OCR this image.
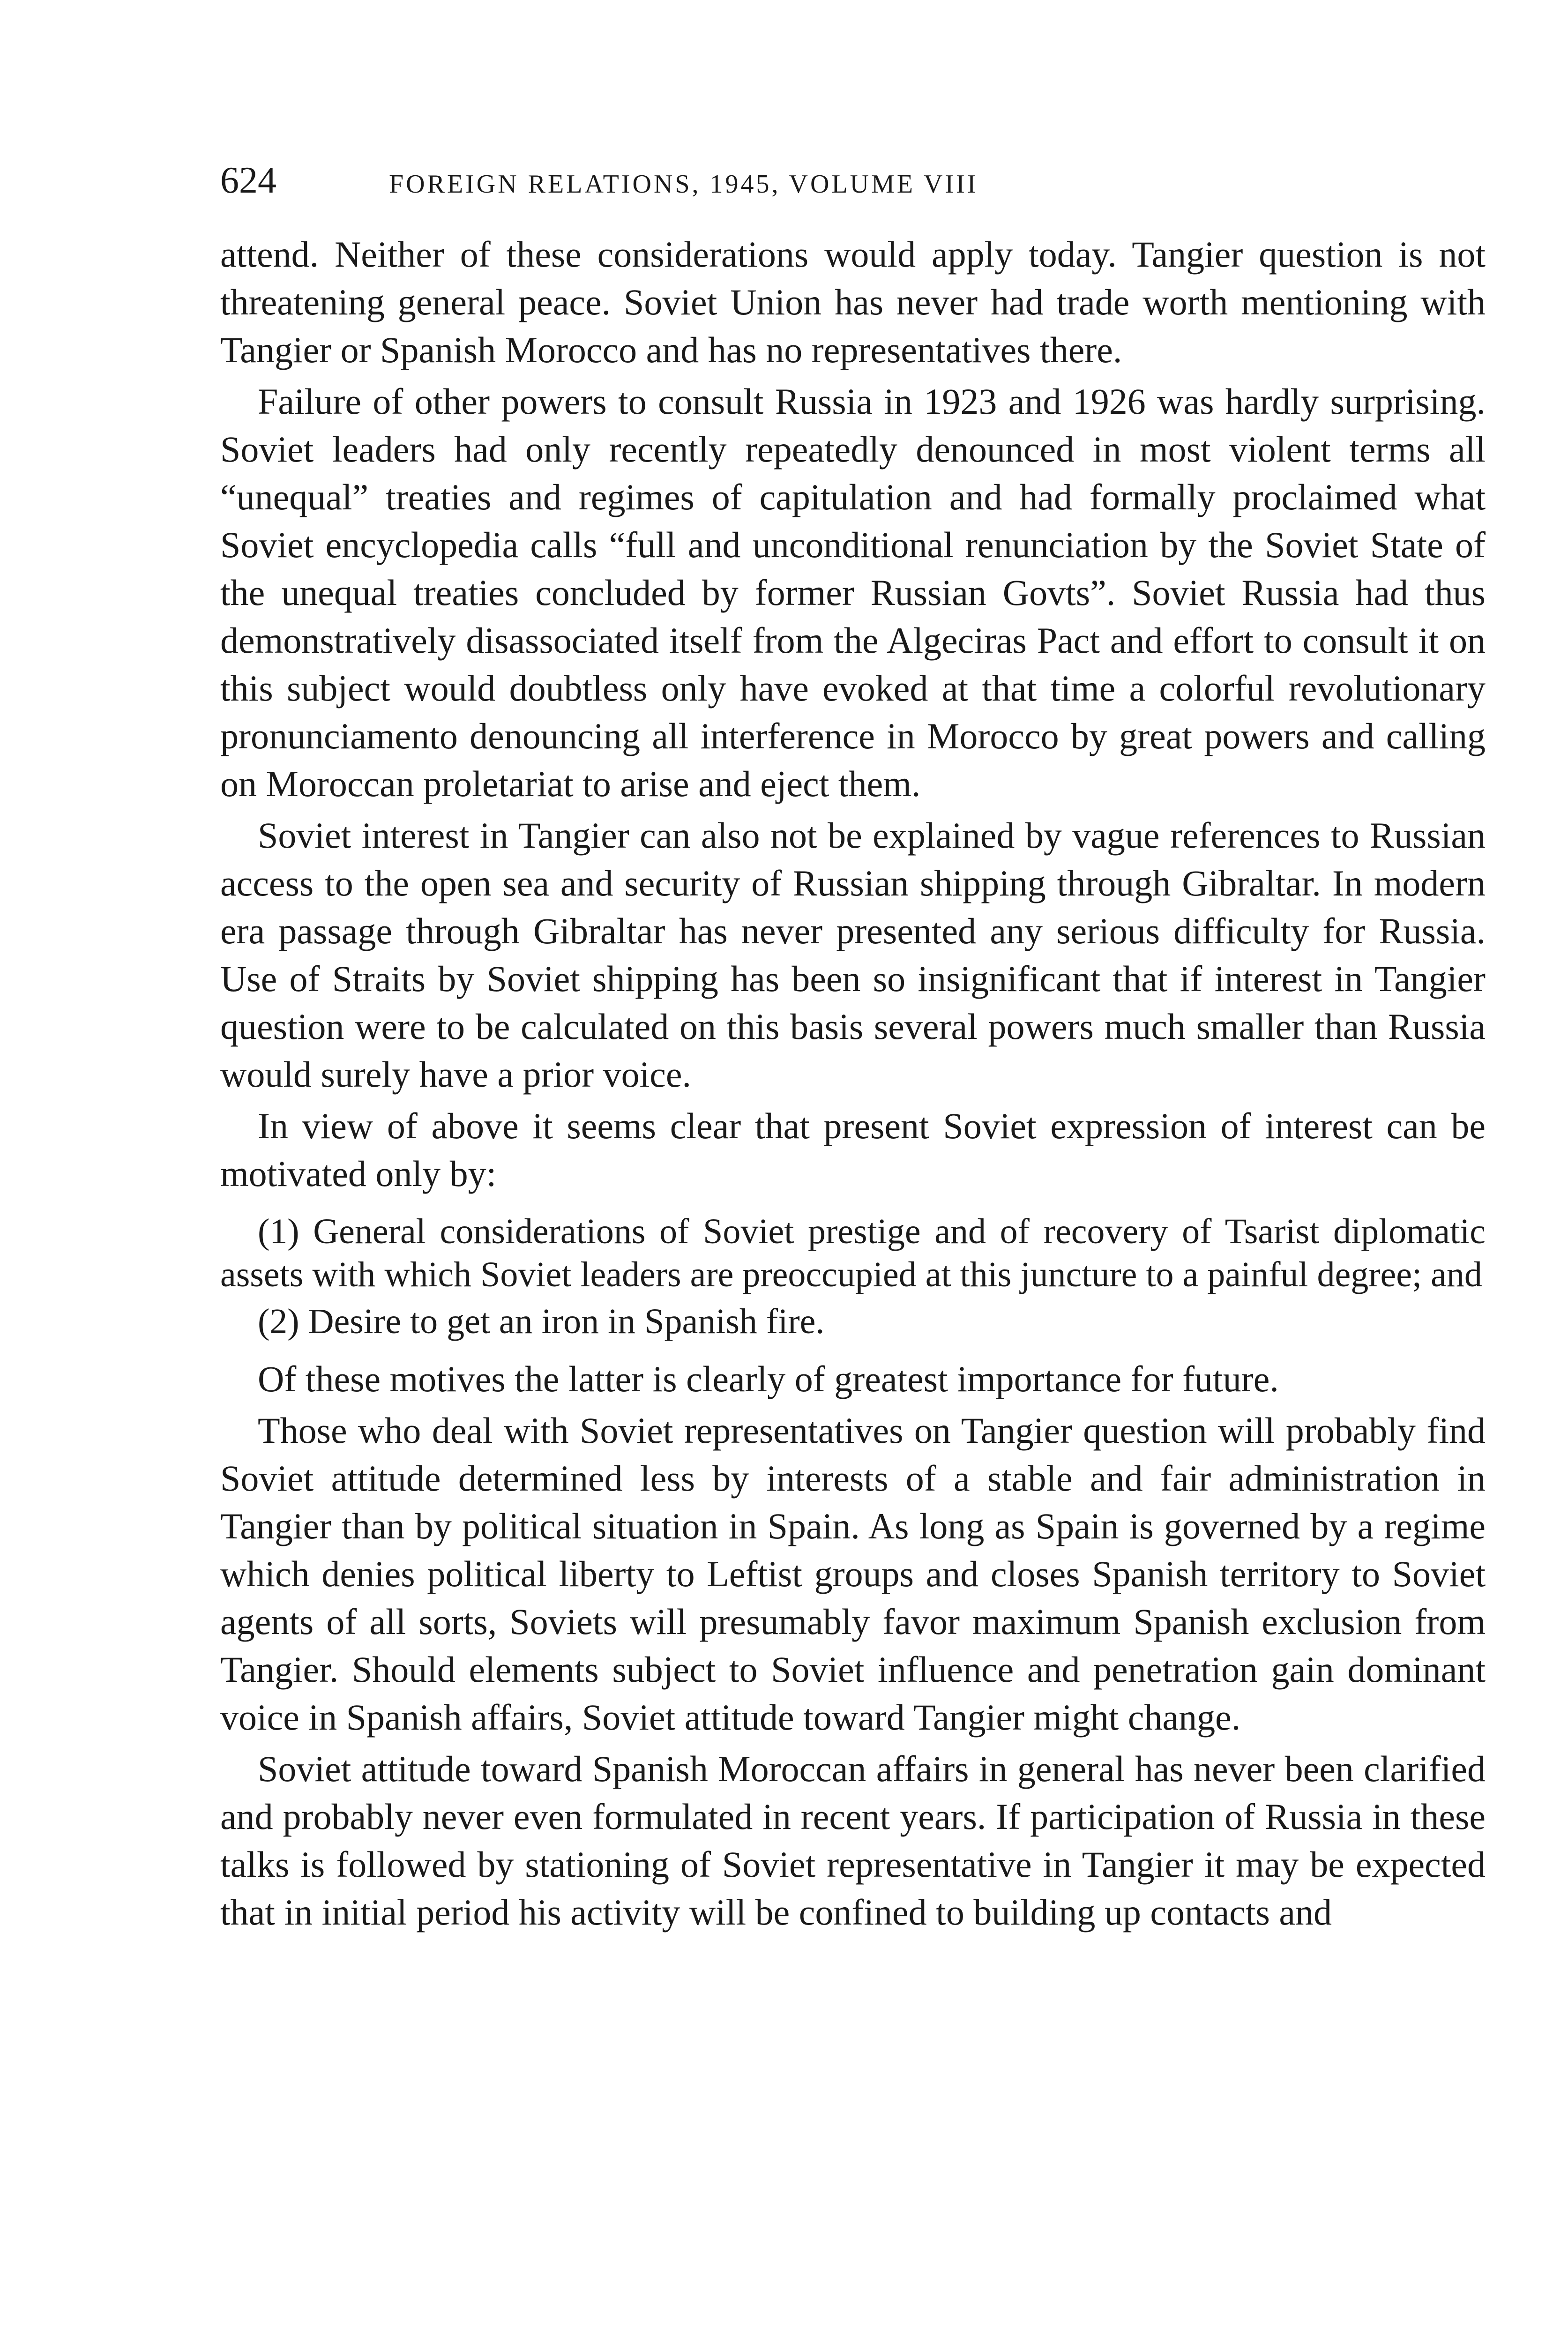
624	FOREIGN RELATIONS, 1945, VOLUME VIII

attend. Neither of these considerations would apply today. Tangier question is not threatening general peace. Soviet Union has never had trade worth mentioning with Tangier or Spanish Morocco and has no representatives there.

Failure of other powers to consult Russia in 1923 and 1926 was hardly surprising. Soviet leaders had only recently repeatedly denounced in most violent terms all “unequal” treaties and regimes of capitulation and had formally proclaimed what Soviet encyclopedia calls “full and unconditional renunciation by the Soviet State of the unequal treaties concluded by former Russian Govts”. Soviet Russia had thus demonstratively disassociated itself from the Algeciras Pact and effort to consult it on this subject would doubtless only have evoked at that time a colorful revolutionary pronunciamento denouncing all interference in Morocco by great powers and calling on Moroccan proletariat to arise and eject them.

Soviet interest in Tangier can also not be explained by vague references to Russian access to the open sea and security of Russian shipping through Gibraltar. In modern era passage through Gibraltar has never presented any serious difficulty for Russia. Use of Straits by Soviet shipping has been so insignificant that if interest in Tangier question were to be calculated on this basis several powers much smaller than Russia would surely have a prior voice.

In view of above it seems clear that present Soviet expression of interest can be motivated only by:

(1) General considerations of Soviet prestige and of recovery of Tsarist diplomatic assets with which Soviet leaders are preoccupied at this juncture to a painful degree; and

(2) Desire to get an iron in Spanish fire.

Of these motives the latter is clearly of greatest importance for future.

Those who deal with Soviet representatives on Tangier question will probably find Soviet attitude determined less by interests of a stable and fair administration in Tangier than by political situation in Spain. As long as Spain is governed by a regime which denies political liberty to Leftist groups and closes Spanish territory to Soviet agents of all sorts, Soviets will presumably favor maximum Spanish exclusion from Tangier. Should elements subject to Soviet influence and penetration gain dominant voice in Spanish affairs, Soviet attitude toward Tangier might change.

Soviet attitude toward Spanish Moroccan affairs in general has never been clarified and probably never even formulated in recent years. If participation of Russia in these talks is followed by stationing of Soviet representative in Tangier it may be expected that in initial period his activity will be confined to building up contacts and
